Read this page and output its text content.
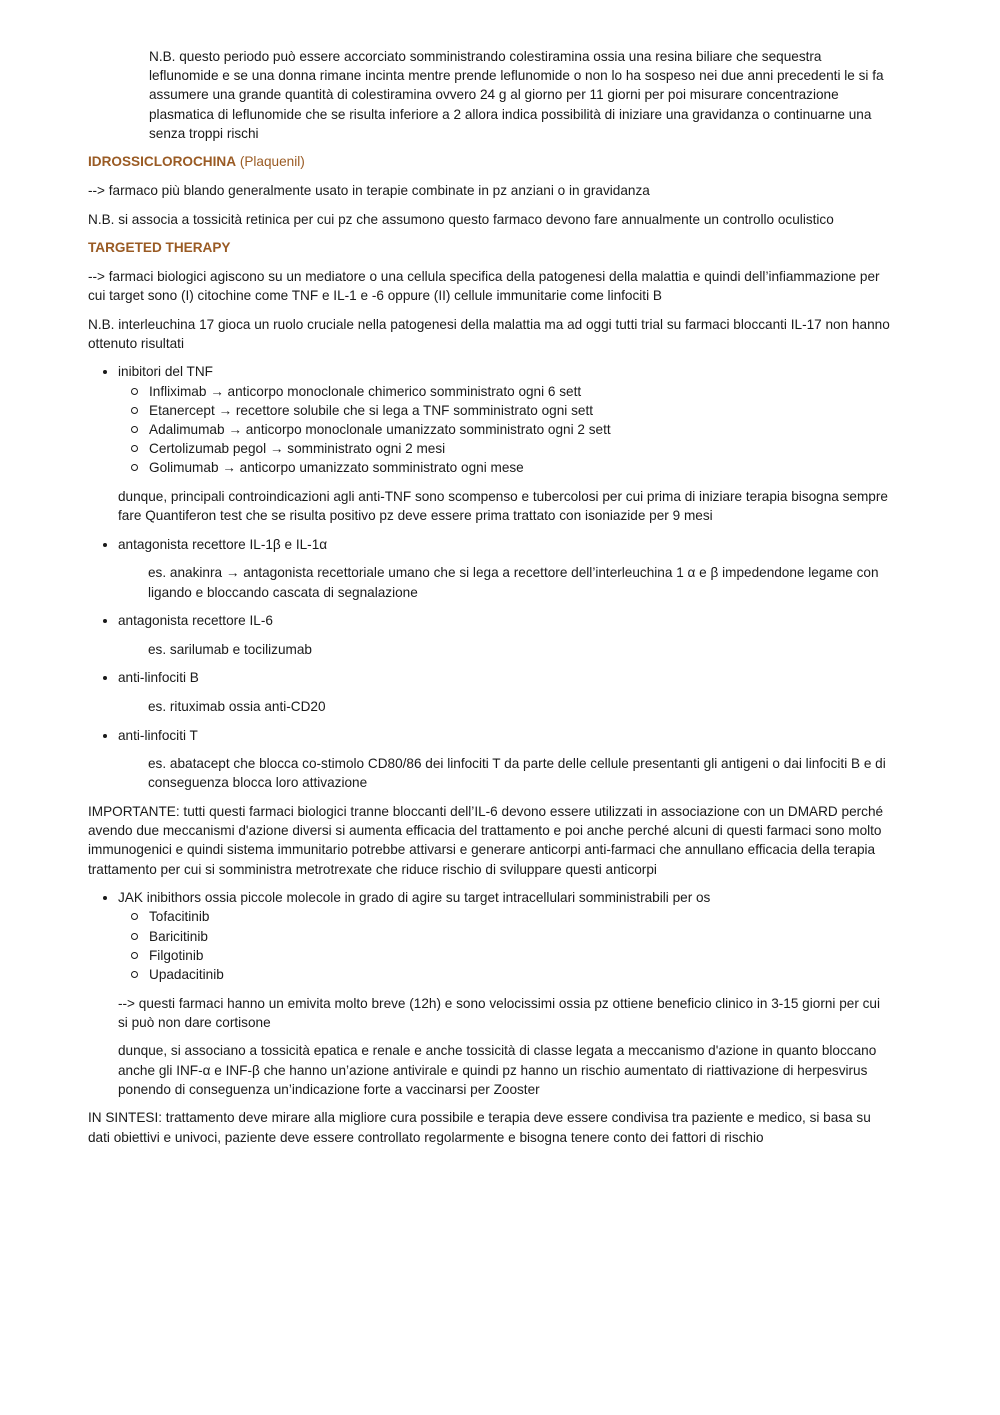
N.B. questo periodo può essere accorciato somministrando colestiramina ossia una resina biliare che sequestra leflunomide e se una donna rimane incinta mentre prende leflunomide o non lo ha sospeso nei due anni precedenti le si fa assumere una grande quantità di colestiramina ovvero 24 g al giorno per 11 giorni per poi misurare concentrazione plasmatica di leflunomide che se risulta inferiore a 2 allora indica possibilità di iniziare una gravidanza o continuarne una senza troppi rischi

IDROSSICLOROCHINA (Plaquenil)

--> farmaco più blando generalmente usato in terapie combinate in pz anziani o in gravidanza

N.B. si associa a tossicità retinica per cui pz che assumono questo farmaco devono fare annualmente un controllo oculistico

TARGETED THERAPY

--> farmaci biologici agiscono su un mediatore o una cellula specifica della patogenesi della malattia e quindi dell’infiammazione per cui target sono (I) citochine come TNF e IL-1 e -6 oppure (II) cellule immunitarie come linfociti B

N.B. interleuchina 17 gioca un ruolo cruciale nella patogenesi della malattia ma ad oggi tutti trial su farmaci bloccanti IL-17 non hanno ottenuto risultati

inibitori del TNF
Infliximab → anticorpo monoclonale chimerico somministrato ogni 6 sett
Etanercept → recettore solubile che si lega a TNF somministrato ogni sett
Adalimumab → anticorpo monoclonale umanizzato somministrato ogni 2 sett
Certolizumab pegol → somministrato ogni 2 mesi
Golimumab → anticorpo umanizzato somministrato ogni mese

dunque, principali controindicazioni agli anti-TNF sono scompenso e tubercolosi per cui prima di iniziare terapia bisogna sempre fare Quantiferon test che se risulta positivo pz deve essere prima trattato con isoniazide per 9 mesi

antagonista recettore IL-1β e IL-1α

es. anakinra → antagonista recettoriale umano che si lega a recettore dell’interleuchina 1 α e β impedendone legame con ligando e bloccando cascata di segnalazione

antagonista recettore IL-6

es. sarilumab e tocilizumab

anti-linfociti B

es. rituximab ossia anti-CD20

anti-linfociti T

es. abatacept che blocca co-stimolo CD80/86 dei linfociti T da parte delle cellule presentanti gli antigeni o dai linfociti B e di conseguenza blocca loro attivazione

IMPORTANTE: tutti questi farmaci biologici tranne bloccanti dell’IL-6 devono essere utilizzati in associazione con un DMARD perché avendo due meccanismi d'azione diversi si aumenta efficacia del trattamento e poi anche perché alcuni di questi farmaci sono molto immunogenici e quindi sistema immunitario potrebbe attivarsi e generare anticorpi anti-farmaci che annullano efficacia della terapia trattamento per cui si somministra metrotrexate che riduce rischio di sviluppare questi anticorpi

JAK inibithors ossia piccole molecole in grado di agire su target intracellulari somministrabili per os
Tofacitinib
Baricitinib
Filgotinib
Upadacitinib

--> questi farmaci hanno un emivita molto breve (12h) e sono velocissimi ossia pz ottiene beneficio clinico in 3-15 giorni per cui si può non dare cortisone

dunque, si associano a tossicità epatica e renale e anche tossicità di classe legata a meccanismo d'azione in quanto bloccano anche gli INF-α e INF-β che hanno un’azione antivirale e quindi pz hanno un rischio aumentato di riattivazione di herpesvirus ponendo di conseguenza un’indicazione forte a vaccinarsi per Zooster

IN SINTESI: trattamento deve mirare alla migliore cura possibile e terapia deve essere condivisa tra paziente e medico, si basa su dati obiettivi e univoci, paziente deve essere controllato regolarmente e bisogna tenere conto dei fattori di rischio
